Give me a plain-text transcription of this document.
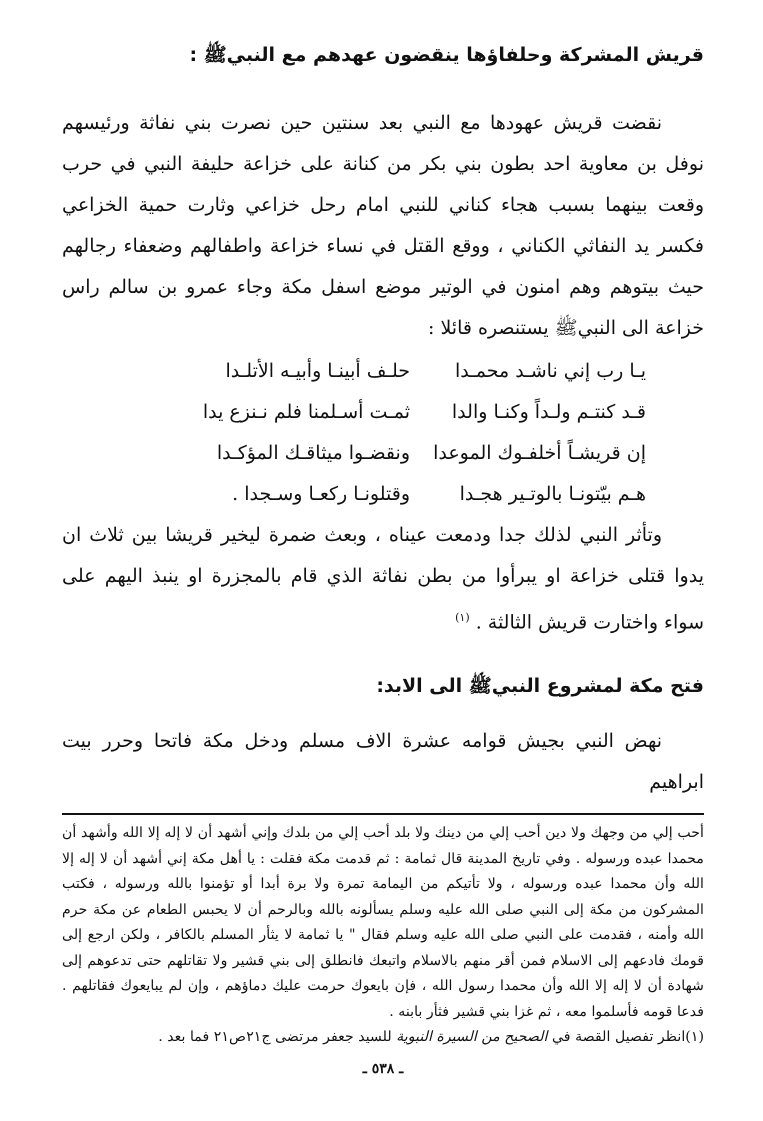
قريش المشركة وحلفاؤها ينقضون عهدهم مع النبيﷺ :

نقضت قريش عهودها مع النبي بعد سنتين حين نصرت بني نفاثة ورئيسهم نوفل بن معاوية احد بطون بني بكر من كنانة على خزاعة حليفة النبي في حرب وقعت بينهما بسبب هجاء كناني للنبي امام رحل خزاعي وثارت حمية الخزاعي فكسر يد النفاثي الكناني ، ووقع القتل في نساء خزاعة واطفالهم وضعفاء رجالهم حيث بيتوهم وهم امنون في الوتير موضع اسفل مكة وجاء عمرو بن سالم راس خزاعة الى النبيﷺ يستنصره قائلا :

يـا رب إني ناشـد محمـدا
حلـف أبينـا وأبيـه الأتلـدا
قـد كنتـم ولـداً وكنـا والدا
ثمـت أسـلمنا فلم نـنزع يدا
إن قريشـاً أخلفـوك الموعدا
ونقضـوا ميثاقـك المؤكـدا
هـم بيّتونـا بالوتـير هجـدا
وقتلونـا ركعـا وسـجدا .

وتأثر النبي لذلك جدا ودمعت عيناه ، وبعث ضمرة ليخير قريشا بين ثلاث ان يدوا قتلى خزاعة او يبرأوا من بطن نفاثة الذي قام بالمجزرة او ينبذ اليهم على سواء واختارت قريش الثالثة . $^{(١)}$

فتح مكة لمشروع النبيﷺ الى الابد:

نهض النبي بجيش قوامه عشرة الاف مسلم ودخل مكة فاتحا وحرر بيت ابراهيم

أحب إلي من وجهك ولا دين أحب إلي من دينك ولا بلد أحب إلي من بلدك وإني أشهد أن لا إله إلا الله وأشهد أن محمدا عبده ورسوله . وفي تاريخ المدينة قال ثمامة : ثم قدمت مكة فقلت : يا أهل مكة إني أشهد أن لا إله إلا الله وأن محمدا عبده ورسوله ، ولا تأتيكم من اليمامة تمرة ولا برة أبدا أو تؤمنوا بالله ورسوله ، فكتب المشركون من مكة إلى النبي صلى الله عليه وسلم يسألونه بالله وبالرحم أن لا يحبس الطعام عن مكة حرم الله وأمنه ، فقدمت على النبي صلى الله عليه وسلم فقال " يا ثمامة لا يثأر المسلم بالكافر ، ولكن ارجع إلى قومك فادعهم إلى الاسلام فمن أقر منهم بالاسلام واتبعك فانطلق إلى بني قشير ولا تقاتلهم حتى تدعوهم إلى شهادة أن لا إله إلا الله وأن محمدا رسول الله ، فإن بايعوك حرمت عليك دماؤهم ، وإن لم يبايعوك فقاتلهم . فدعا قومه فأسلموا معه ، ثم غزا بني قشير فثأر بابنه .

(١)انظر تفصيل القصة في الصحيح من السيرة النبوية للسيد جعفر مرتضى ج٢١ص٢١ فما بعد .

ـ ٥٣٨ ـ
